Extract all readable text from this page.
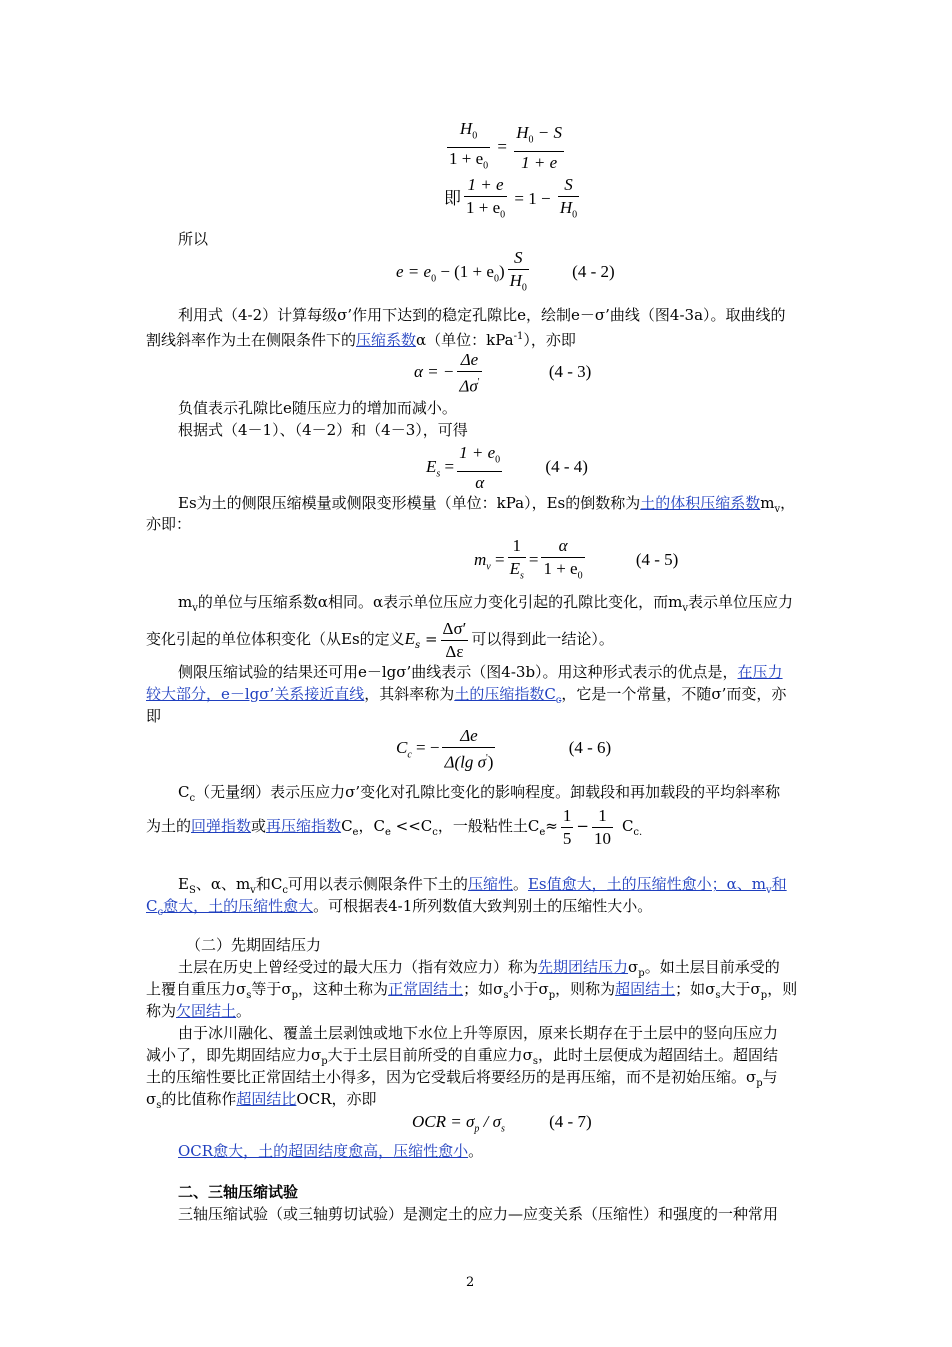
$\frac{H_0}{1 + e_0} = \frac{H_0 - S}{1 + e}$
即 $\frac{1 + e}{1 + e_0} = 1 - \frac{S}{H_0}$
所以
$e = e_0 - (1 + e_0) \frac{S}{H_0}$	(4 - 2)
利用式（4-2）计算每级σ’作用下达到的稳定孔隙比e，绘制e－σ’曲线（图4-3a）。取曲线的
割线斜率作为土在侧限条件下的压缩系数α（单位：kPa$^{-1}$），亦即
α = − $\frac{\Delta e}{\Delta\sigma'}$	(4 - 3)
负值表示孔隙比e随压应力的增加而减小。
根据式（4－1）、（4－2）和（4－3），可得
$E_s = \frac{1 + e_0}{\alpha}$	(4 - 4)
Es为土的侧限压缩模量或侧限变形模量（单位：kPa），Es的倒数称为土的体积压缩系数$m_v$，
亦即：
$m_v = \frac{1}{E_s} = \frac{\alpha}{1 + e_0}$	(4 - 5)
$m_v$的单位与压缩系数α相同。α表示单位压应力变化引起的孔隙比变化，而$m_v$表示单位压应力
变化引起的单位体积变化（从Es的定义$E_s = \frac{\Delta\sigma'}{\Delta\varepsilon}$ 可以得到此一结论）。
侧限压缩试验的结果还可用e－lgσ’曲线表示（图4-3b）。用这种形式表示的优点是，在压力
较大部分，e－lgσ’关系接近直线，其斜率称为土的压缩指数$C_c$，它是一个常量，不随σ’而变，亦
即
$C_c$ = − $\frac{\Delta e}{\Delta(\lg \sigma')}$	(4 - 6)
$C_c$（无量纲）表示压应力σ’变化对孔隙比变化的影响程度。卸载段和再加载段的平均斜率称
为土的回弹指数或再压缩指数$C_e$，$C_e <<C_c$，一般粘性土$C_e\approx \frac{1}{5} - \frac{1}{10} C_{c.}$
$E_S$、α、$m_v$和$C_c$可用以表示侧限条件下土的压缩性。Es值愈大，土的压缩性愈小；α、$m_v$和
$C_c$愈大，土的压缩性愈大。可根据表4-1所列数值大致判别土的压缩性大小。
（二）先期固结压力
土层在历史上曾经受过的最大压力（指有效应力）称为先期团结压力$\sigma_p$。如土层目前承受的
上覆自重压力$\sigma_s$等于$\sigma_p$，这种土称为正常固结土；如$\sigma_s$小于$\sigma_p$，则称为超固结土；如$\sigma_s$大于$\sigma_p$，则
称为欠固结土。
由于冰川融化、覆盖土层剥蚀或地下水位上升等原因，原来长期存在于土层中的竖向压应力
减小了，即先期固结应力$\sigma_p$大于土层目前所受的自重应力$\sigma_s$，此时土层便成为超固结土。超固结
土的压缩性要比正常固结土小得多，因为它受载后将要经历的是再压缩，而不是初始压缩。$\sigma_p$与
$\sigma_s$的比值称作超固结比OCR，亦即
OCR = $\sigma_p / \sigma_s$	(4 - 7)
OCR愈大，土的超固结度愈高，压缩性愈小。
二、三轴压缩试验
三轴压缩试验（或三轴剪切试验）是测定土的应力—应变关系（压缩性）和强度的一种常用
2
